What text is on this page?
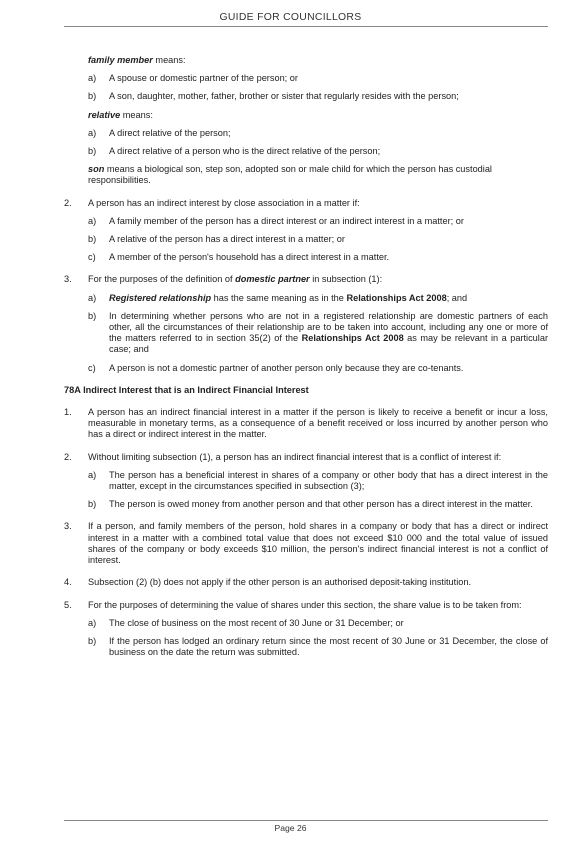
GUIDE FOR COUNCILLORS

family member means:

a) A spouse or domestic partner of the person; or
b) A son, daughter, mother, father, brother or sister that regularly resides with the person;

relative means:

a) A direct relative of the person;
b) A direct relative of a person who is the direct relative of the person;

son means a biological son, step son, adopted son or male child for which the person has custodial responsibilities.

2. A person has an indirect interest by close association in a matter if:
a) A family member of the person has a direct interest or an indirect interest in a matter; or
b) A relative of the person has a direct interest in a matter; or
c) A member of the person's household has a direct interest in a matter.
3. For the purposes of the definition of domestic partner in subsection (1):
a) Registered relationship has the same meaning as in the Relationships Act 2008; and
b) In determining whether persons who are not in a registered relationship are domestic partners of each other, all the circumstances of their relationship are to be taken into account, including any one or more of the matters referred to in section 35(2) of the Relationships Act 2008 as may be relevant in a particular case; and
c) A person is not a domestic partner of another person only because they are co-tenants.

78A Indirect Interest that is an Indirect Financial Interest

1. A person has an indirect financial interest in a matter if the person is likely to receive a benefit or incur a loss, measurable in monetary terms, as a consequence of a benefit received or loss incurred by another person who has a direct or indirect interest in the matter.
2. Without limiting subsection (1), a person has an indirect financial interest that is a conflict of interest if:
a) The person has a beneficial interest in shares of a company or other body that has a direct interest in the matter, except in the circumstances specified in subsection (3);
b) The person is owed money from another person and that other person has a direct interest in the matter.
3. If a person, and family members of the person, hold shares in a company or body that has a direct or indirect interest in a matter with a combined total value that does not exceed $10 000 and the total value of issued shares of the company or body exceeds $10 million, the person's indirect financial interest is not a conflict of interest.
4. Subsection (2) (b) does not apply if the other person is an authorised deposit-taking institution.
5. For the purposes of determining the value of shares under this section, the share value is to be taken from:
a) The close of business on the most recent of 30 June or 31 December; or
b) If the person has lodged an ordinary return since the most recent of 30 June or 31 December, the close of business on the date the return was submitted.
Page 26
